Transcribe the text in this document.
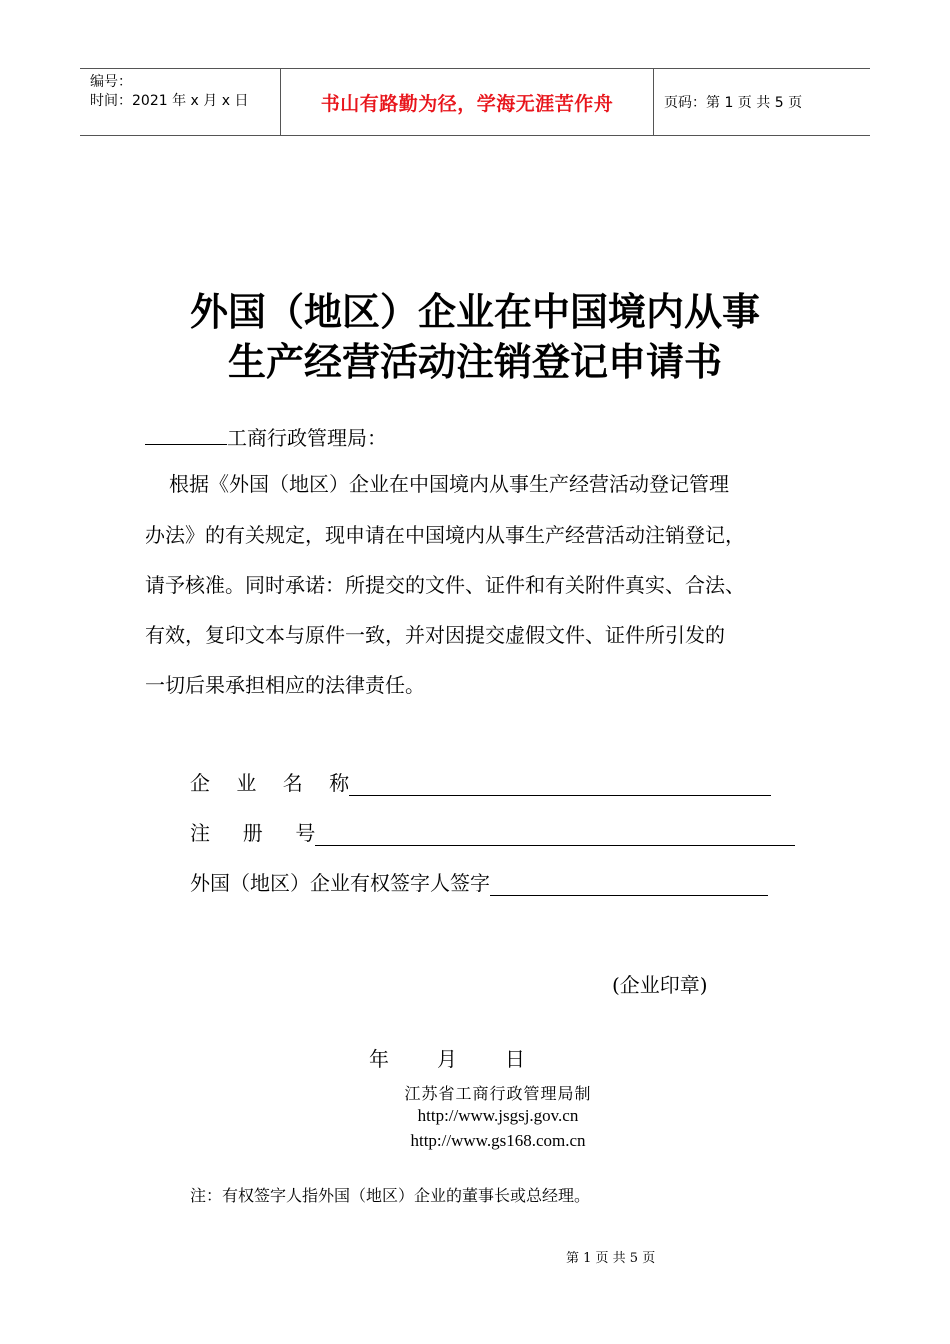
编号：
时间：2021 年 x 月 x 日	书山有路勤为径，学海无涯苦作舟	页码：第 1 页 共 5 页
外国（地区）企业在中国境内从事
生产经营活动注销登记申请书
工商行政管理局：
根据《外国（地区）企业在中国境内从事生产经营活动登记管理
办法》的有关规定，现申请在中国境内从事生产经营活动注销登记，
请予核准。同时承诺：所提交的文件、证件和有关附件真实、合法、
有效，复印文本与原件一致，并对因提交虚假文件、证件所引发的
一切后果承担相应的法律责任。
企　 业 　名 　称
注 　 册 　 号
外国（地区）企业有权签字人签字
(企业印章)
年 月 日
江苏省工商行政管理局制
http://www.jsgsj.gov.cn
http://www.gs168.com.cn
注：有权签字人指外国（地区）企业的董事长或总经理。
第 1 页 共 5 页
